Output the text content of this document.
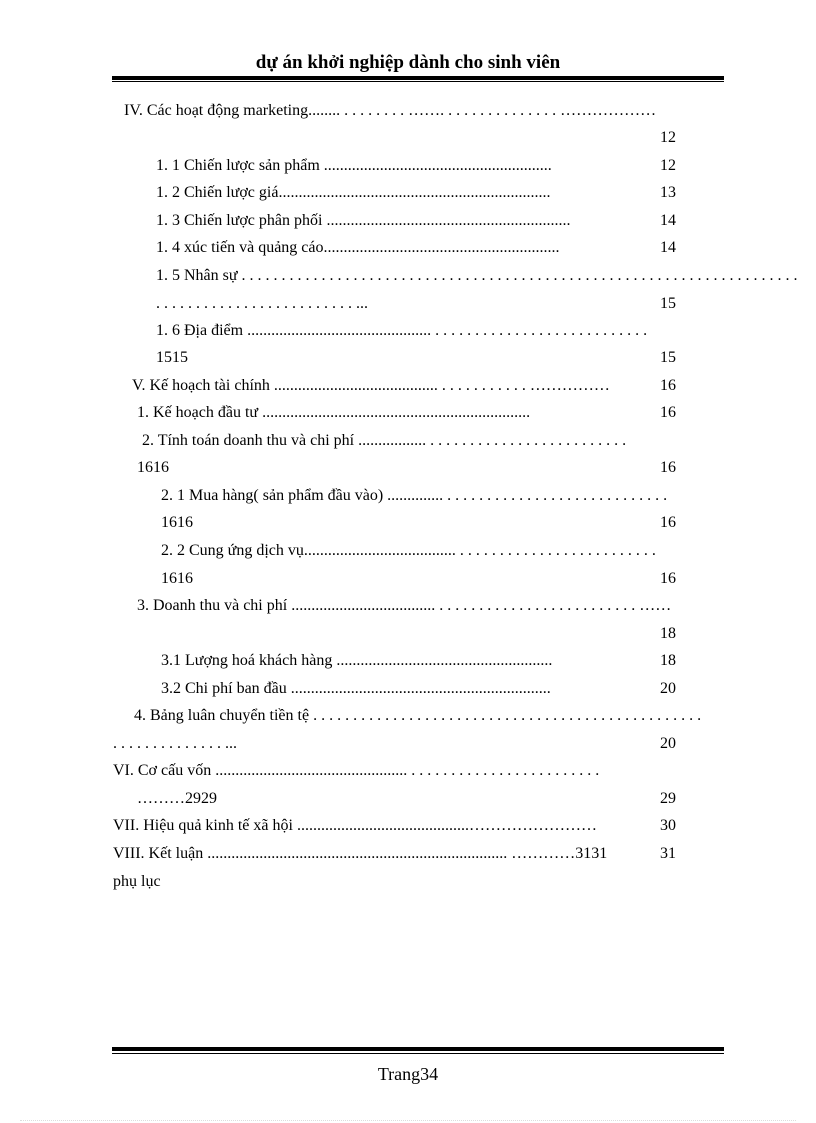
dự án khởi nghiệp dành cho sinh viên
IV. Các hoạt động marketing........ . . . . . . . . ……. . . . . . . . . . . . . . . ………………
12
1. 1 Chiến lược sản phẩm .........................................................	12
1. 2 Chiến lược giá....................................................................	13
1. 3 Chiến lược phân phối .............................................................	14
1. 4 xúc tiến và quảng cáo...........................................................	14
1. 5 Nhân sự . . . . . . . . . . . . . . . . . . . . . . . . . . . . . . . . . . . . . . . . . . . . . . . . . . . . . . . . . . . . . . . . . . . . . .
. . . . . . . . . . . . . . . . . . . . . . . . . ...	15
1. 6 Địa điểm .............................................. . . . . . . . . . . . . . . . . . . . . . . . . . . .
1515	15
V. Kế hoạch tài chính ......................................... . . . . . . . . . . . ……………	16
1. Kế hoạch đầu tư ...................................................................	16
2. Tính toán doanh thu và chi phí ................. . . . . . . . . . . . . . . . . . . . . . . . . .
1616	16
2. 1 Mua hàng( sản phẩm đầu vào) .............. . . . . . . . . . . . . . . . . . . . . . . . . . . . .
1616	16
2. 2 Cung ứng dịch vụ...................................... . . . . . . . . . . . . . . . . . . . . . . . . .
1616	16
3. Doanh thu và chi phí .................................... . . . . . . . . . . . . . . . . . . . . . . . . . ……
18
3.1 Lượng hoá khách hàng ......................................................	18
3.2 Chi phí ban đầu .................................................................	20
4. Bảng luân chuyển tiền tệ . . . . . . . . . . . . . . . . . . . . . . . . . . . . . . . . . . . . . . . . . . . . . . . . .
. . . . . . . . . . . . . . ...	20
VI. Cơ cấu vốn ................................................ . . . . . . . . . . . . . . . . . . . . . . . .
………2929	29
VII. Hiệu quả kinh tế xã hội ...........................................……………………	30
VIII. Kết luận ........................................................................... …………3131	31
phụ lục
Trang34
